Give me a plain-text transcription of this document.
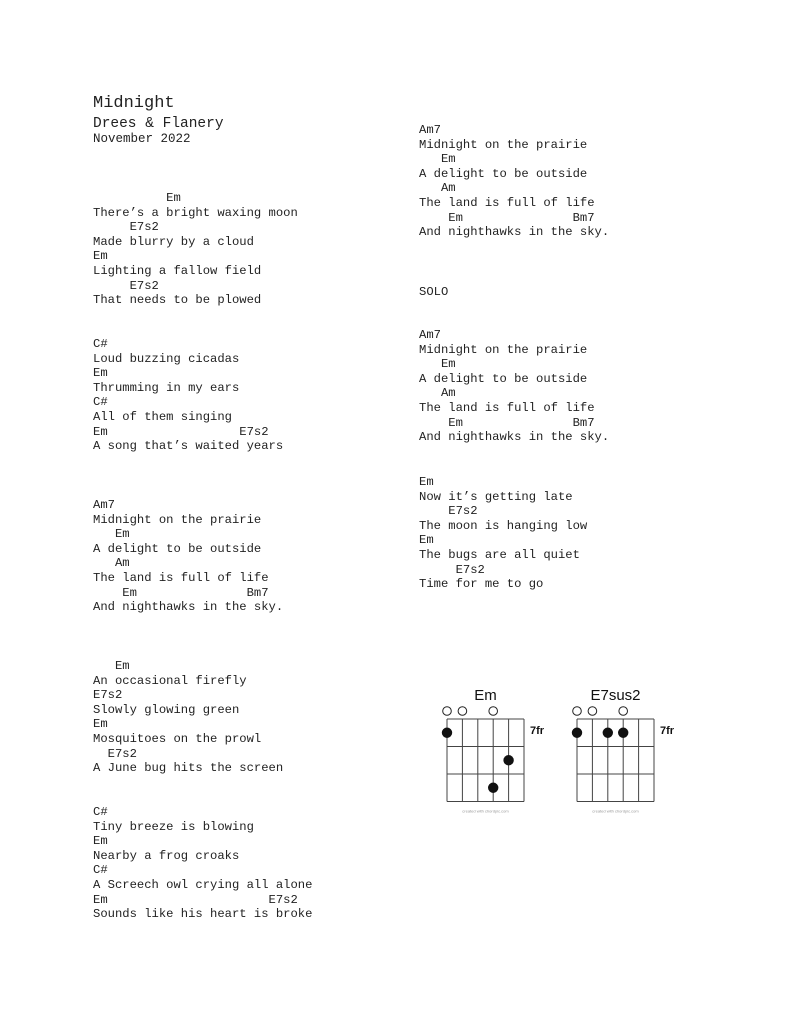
Midnight
Drees & Flanery
November 2022
Em
There’s a bright waxing moon
E7s2
Made blurry by a cloud
Em
Lighting a fallow field
E7s2
That needs to be plowed
C#
Loud buzzing cicadas
Em
Thrumming in my ears
C#
All of them singing
Em                  E7s2
A song that’s waited years
Am7
Midnight on the prairie
Em
A delight to be outside
Am
The land is full of life
Em               Bm7
And nighthawks in the sky.
Em
An occasional firefly
E7s2
Slowly glowing green
Em
Mosquitoes on the prowl
E7s2
A June bug hits the screen
C#
Tiny breeze is blowing
Em
Nearby a frog croaks
C#
A Screech owl crying all alone
Em                      E7s2
Sounds like his heart is broke
Am7
Midnight on the prairie
Em
A delight to be outside
Am
The land is full of life
Em               Bm7
And nighthawks in the sky.
SOLO
Am7
Midnight on the prairie
Em
A delight to be outside
Am
The land is full of life
Em               Bm7
And nighthawks in the sky.
Em
Now it’s getting late
E7s2
The moon is hanging low
Em
The bugs are all quiet
E7s2
Time for me to go
Em
7fr
created with chordpic.com
E7sus2
7fr
created with chordpic.com
